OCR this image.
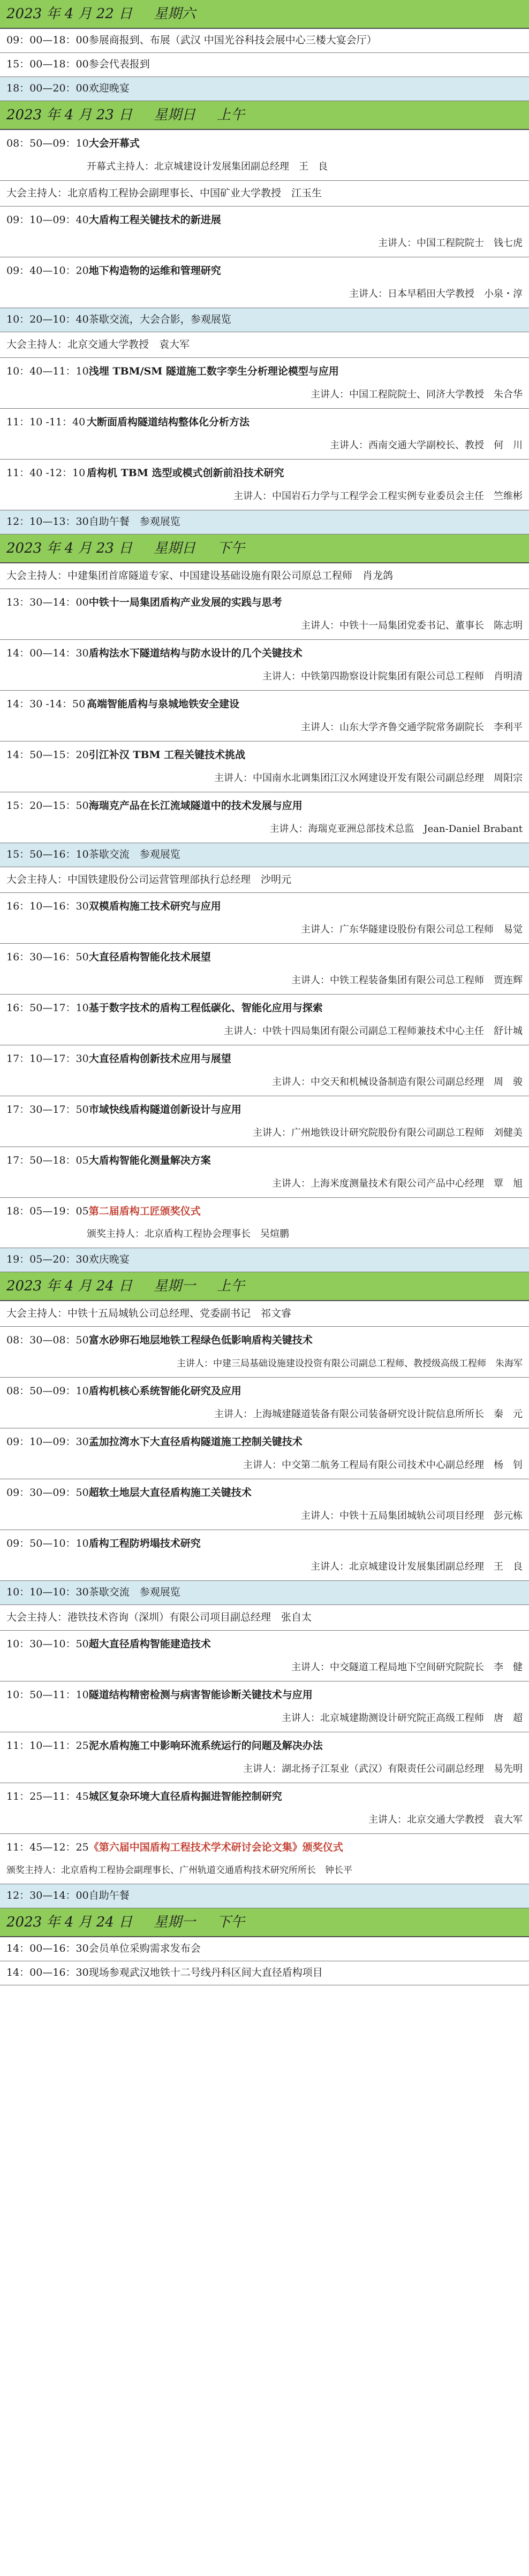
2023 年 4 月 22 日 星期六
09：00—18：00 参展商报到、布展（武汉 中国光谷科技会展中心三楼大宴会厅）
15：00—18：00 参会代表报到
18：00—20：00 欢迎晚宴
2023 年 4 月 23 日 星期日 上午
08：50—09：10 大会开幕式
开幕式主持人：北京城建设计发展集团副总经理　王　良
大会主持人：北京盾构工程协会副理事长、中国矿业大学教授　江玉生
09：10—09：40 大盾构工程关键技术的新进展
主讲人：中国工程院院士　钱七虎
09：40—10：20 地下构造物的运维和管理研究
主讲人：日本早稻田大学教授　小泉・淳
10：20—10：40 茶歇交流，大会合影，参观展览
大会主持人：北京交通大学教授　袁大军
10：40—11：10 浅埋 TBM/SM 隧道施工数字孪生分析理论模型与应用
主讲人：中国工程院院士、同济大学教授　朱合华
11：10 -11：40 大断面盾构隧道结构整体化分析方法
主讲人：西南交通大学副校长、教授　何　川
11：40 -12：10 盾构机 TBM 选型或模式创新前沿技术研究
主讲人：中国岩石力学与工程学会工程实例专业委员会主任　竺维彬
12：10—13：30 自助午餐　参观展览
2023 年 4 月 23 日 星期日 下午
大会主持人：中建集团首席隧道专家、中国建设基础设施有限公司原总工程师　肖龙鸽
13：30—14：00 中铁十一局集团盾构产业发展的实践与思考
主讲人：中铁十一局集团党委书记、董事长　陈志明
14：00—14：30 盾构法水下隧道结构与防水设计的几个关键技术
主讲人：中铁第四勘察设计院集团有限公司总工程师　肖明清
14：30 -14：50 高端智能盾构与泉城地铁安全建设
主讲人：山东大学齐鲁交通学院常务副院长　李利平
14：50—15：20 引江补汉 TBM 工程关键技术挑战
主讲人：中国南水北调集团江汉水网建设开发有限公司副总经理　周阳宗
15：20—15：50 海瑞克产品在长江流域隧道中的技术发展与应用
主讲人：海瑞克亚洲总部技术总监　Jean-Daniel Brabant
15：50—16：10 茶歇交流　参观展览
大会主持人：中国铁建股份公司运营管理部执行总经理　沙明元
16：10—16：30 双模盾构施工技术研究与应用
主讲人：广东华隧建设股份有限公司总工程师　易觉
16：30—16：50 大直径盾构智能化技术展望
主讲人：中铁工程装备集团有限公司总工程师　贾连辉
16：50—17：10 基于数字技术的盾构工程低碳化、智能化应用与探索
主讲人：中铁十四局集团有限公司副总工程师兼技术中心主任　舒计城
17：10—17：30 大直径盾构创新技术应用与展望
主讲人：中交天和机械设备制造有限公司副总经理　周　骏
17：30—17：50 市域快线盾构隧道创新设计与应用
主讲人：广州地铁设计研究院股份有限公司副总工程师　刘健美
17：50—18：05 大盾构智能化测量解决方案
主讲人：上海米度测量技术有限公司产品中心经理　覃　旭
18：05—19：05 第二届盾构工匠颁奖仪式
颁奖主持人：北京盾构工程协会理事长　吴煊鹏
19：05—20：30 欢庆晚宴
2023 年 4 月 24 日 星期一 上午
大会主持人：中铁十五局城轨公司总经理、党委副书记　祁文睿
08：30—08：50 富水砂卵石地层地铁工程绿色低影响盾构关键技术
主讲人：中建三局基础设施建设投资有限公司副总工程师、教授级高级工程师　朱海军
08：50—09：10 盾构机核心系统智能化研究及应用
主讲人：上海城建隧道装备有限公司装备研究设计院信息所所长　秦　元
09：10—09：30 孟加拉湾水下大直径盾构隧道施工控制关键技术
主讲人：中交第二航务工程局有限公司技术中心副总经理　杨　钊
09：30—09：50 超软土地层大直径盾构施工关键技术
主讲人：中铁十五局集团城轨公司项目经理　彭元栋
09：50—10：10 盾构工程防坍塌技术研究
主讲人：北京城建设计发展集团副总经理　王　良
10：10—10：30 茶歇交流　参观展览
大会主持人：港铁技术咨询（深圳）有限公司项目副总经理　张自太
10：30—10：50 超大直径盾构智能建造技术
主讲人：中交隧道工程局地下空间研究院院长　李　健
10：50—11：10 隧道结构精密检测与病害智能诊断关键技术与应用
主讲人：北京城建勘测设计研究院正高级工程师　唐　超
11：10—11：25 泥水盾构施工中影响环流系统运行的问题及解决办法
主讲人：湖北扬子江泵业（武汉）有限责任公司副总经理　易先明
11：25—11：45 城区复杂环境大直径盾构掘进智能控制研究
主讲人：北京交通大学教授　袁大军
11：45—12：25 《第六届中国盾构工程技术学术研讨会论文集》颁奖仪式
颁奖主持人：北京盾构工程协会副理事长、广州轨道交通盾构技术研究所所长　钟长平
12：30—14：00 自助午餐
2023 年 4 月 24 日 星期一 下午
14：00—16：30 会员单位采购需求发布会
14：00—16：30 现场参观武汉地铁十二号线丹科区间大直径盾构项目
